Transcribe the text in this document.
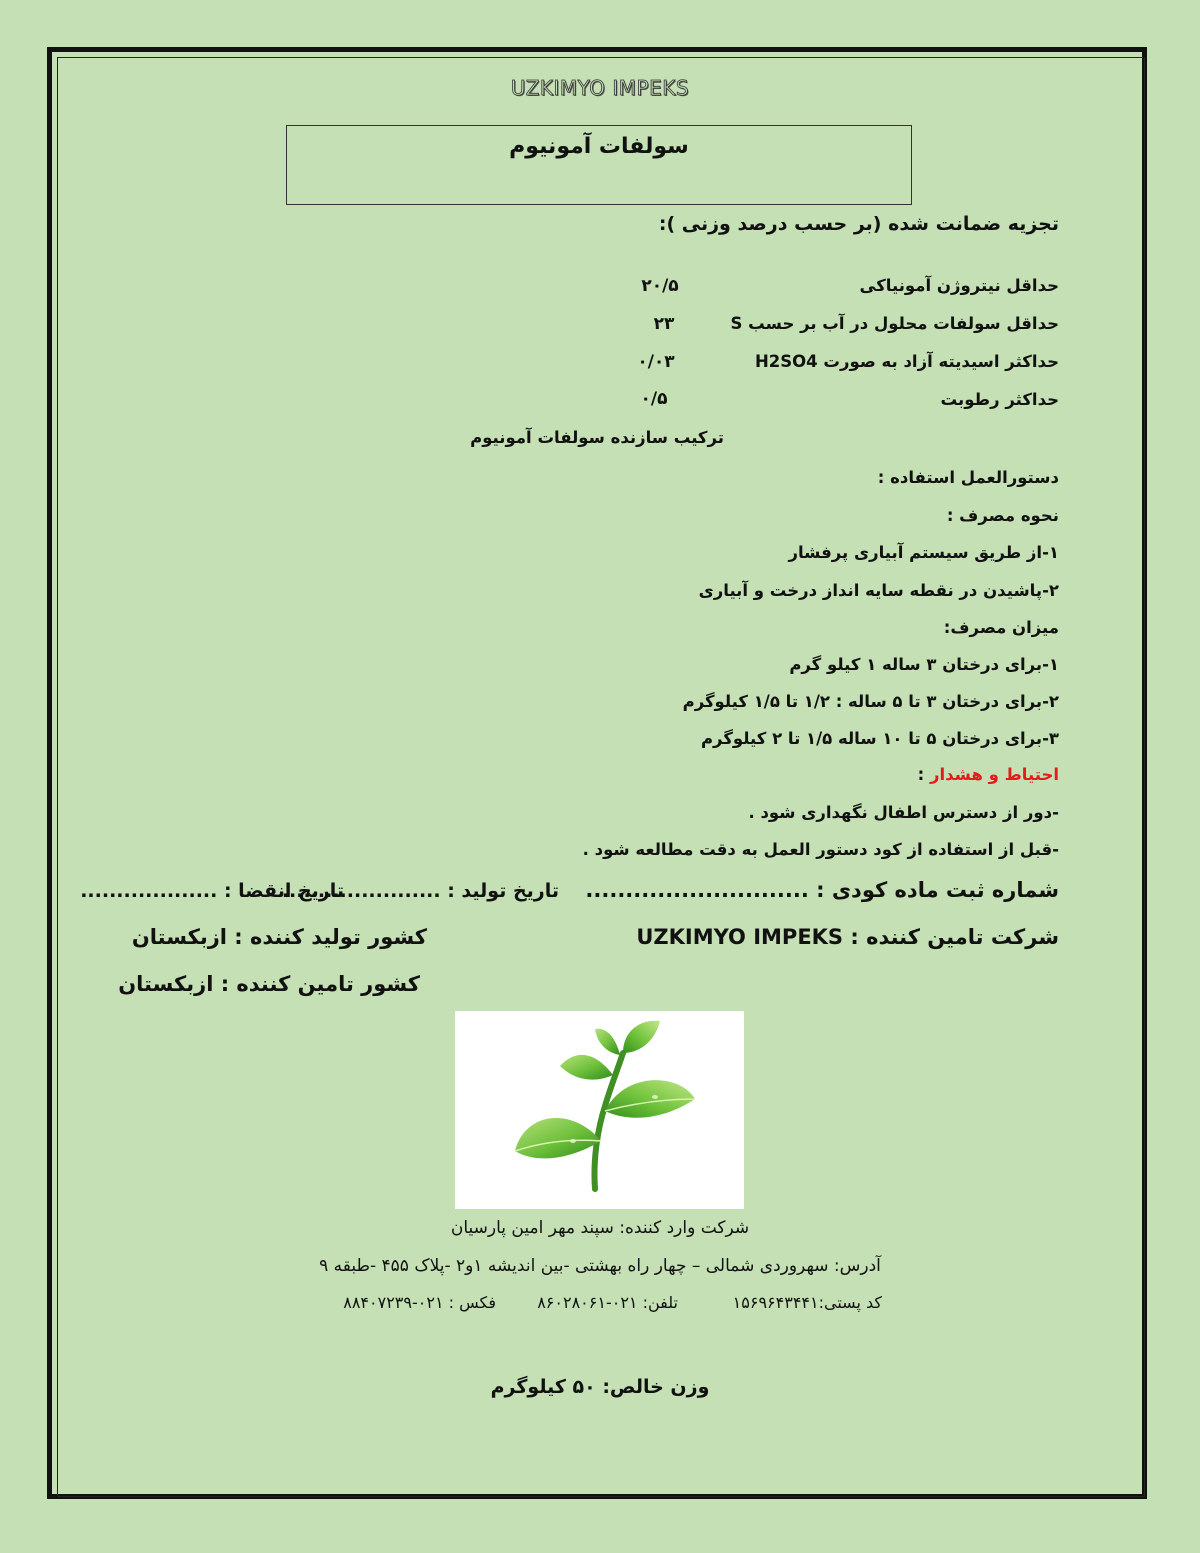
UZKIMYO IMPEKS
سولفات آمونیوم
تجزیه ضمانت شده (بر حسب درصد وزنی ):
حداقل نیتروژن آمونیاکی
۲۰/۵
حداقل سولفات محلول در آب بر حسب S
۲۳
حداکثر اسیدیته آزاد به صورت H2SO4
۰/۰۳
حداکثر رطوبت
۰/۵
ترکیب سازنده سولفات آمونیوم
دستورالعمل استفاده :
نحوه مصرف :
۱-از طریق سیستم آبیاری پرفشار
۲-پاشیدن در نقطه سایه انداز درخت و آبیاری
میزان مصرف:
۱-برای درختان ۳ ساله ۱ کیلو گرم
۲-برای درختان ۳ تا ۵ ساله : ۱/۲ تا ۱/۵ کیلوگرم
۳-برای درختان ۵ تا ۱۰ ساله ۱/۵ تا ۲ کیلوگرم
احتیاط و هشدار :
-دور از دسترس اطفال نگهداری شود .
-قبل از استفاده از کود دستور العمل به دقت مطالعه شود .
شماره ثبت ماده کودی : ............................
تاریخ تولید : ......................
تاریخ انقضا : ...................
شرکت تامین کننده : UZKIMYO IMPEKS
کشور تولید کننده : ازبکستان
کشور تامین کننده : ازبکستان
شرکت وارد کننده: سپند مهر امین پارسیان
آدرس: سهروردی شمالی – چهار راه بهشتی -بین اندیشه ۱و۲ -پلاک ۴۵۵ -طبقه ۹
کد پستی:۱۵۶۹۶۴۳۴۴۱
تلفن: ۰۲۱-۸۶۰۲۸۰۶۱
فکس : ۰۲۱-۸۸۴۰۷۲۳۹
وزن خالص: ۵۰ کیلوگرم
